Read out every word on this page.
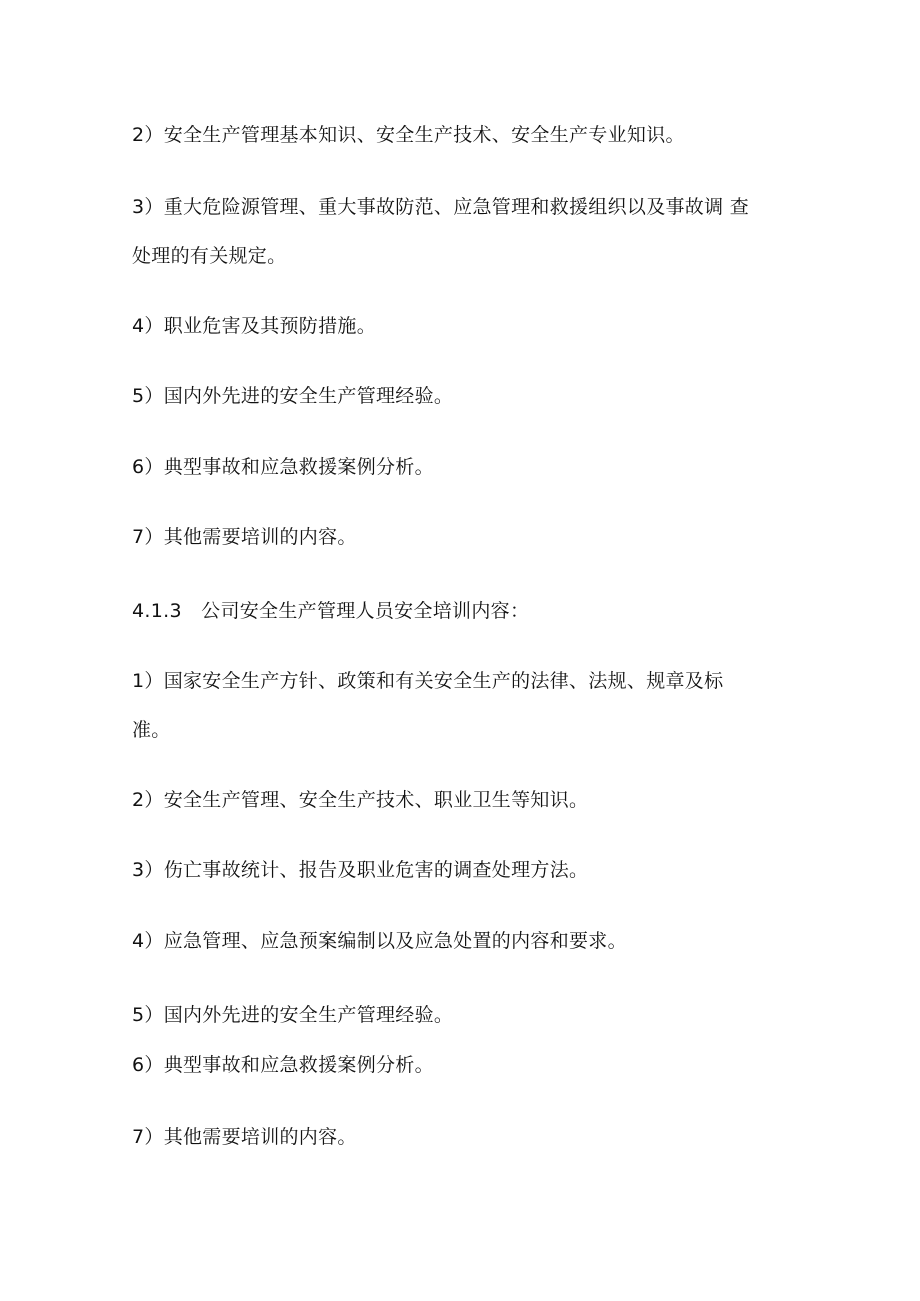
2）安全生产管理基本知识、安全生产技术、安全生产专业知识。
3）重大危险源管理、重大事故防范、应急管理和救援组织以及事故调 查
处理的有关规定。
4）职业危害及其预防措施。
5）国内外先进的安全生产管理经验。
6）典型事故和应急救援案例分析。
7）其他需要培训的内容。
4.1.3　公司安全生产管理人员安全培训内容：
1）国家安全生产方针、政策和有关安全生产的法律、法规、规章及标
准。
2）安全生产管理、安全生产技术、职业卫生等知识。
3）伤亡事故统计、报告及职业危害的调查处理方法。
4）应急管理、应急预案编制以及应急处置的内容和要求。
5）国内外先进的安全生产管理经验。
6）典型事故和应急救援案例分析。
7）其他需要培训的内容。
